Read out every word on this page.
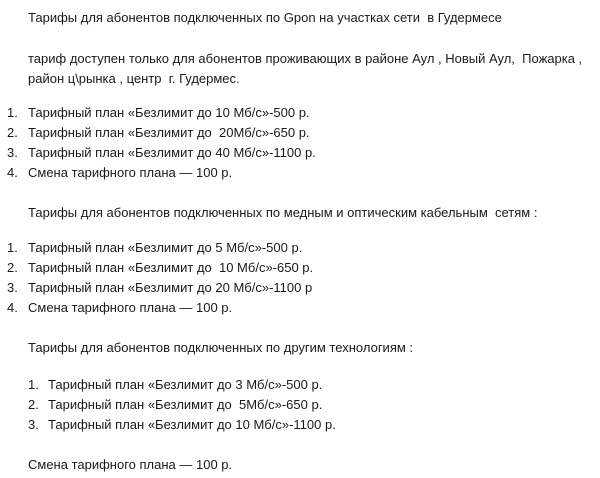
Тарифы для абонентов подключенных по Gpon на участках сети  в Гудермесе
тариф доступен только для абонентов проживающих в районе Аул , Новый Аул,  Пожарка ,
район ц\рынка , центр  г. Гудермес.
1. Тарифный план «Безлимит до 10 Мб/с»-500 р.
2. Тарифный план «Безлимит до  20Мб/с»-650 р.
3. Тарифный план «Безлимит до 40 Мб/с»-1100 р.
4. Смена тарифного плана — 100 р.
Тарифы для абонентов подключенных по медным и оптическим кабельным  сетям :
1. Тарифный план «Безлимит до 5 Мб/с»-500 р.
2. Тарифный план «Безлимит до  10 Мб/с»-650 р.
3. Тарифный план «Безлимит до 20 Мб/с»-1100 р
4. Смена тарифного плана — 100 р.
Тарифы для абонентов подключенных по другим технологиям :
1. Тарифный план «Безлимит до 3 Мб/с»-500 р.
2. Тарифный план «Безлимит до  5Мб/с»-650 р.
3. Тарифный план «Безлимит до 10 Мб/с»-1100 р.
Смена тарифного плана — 100 р.
